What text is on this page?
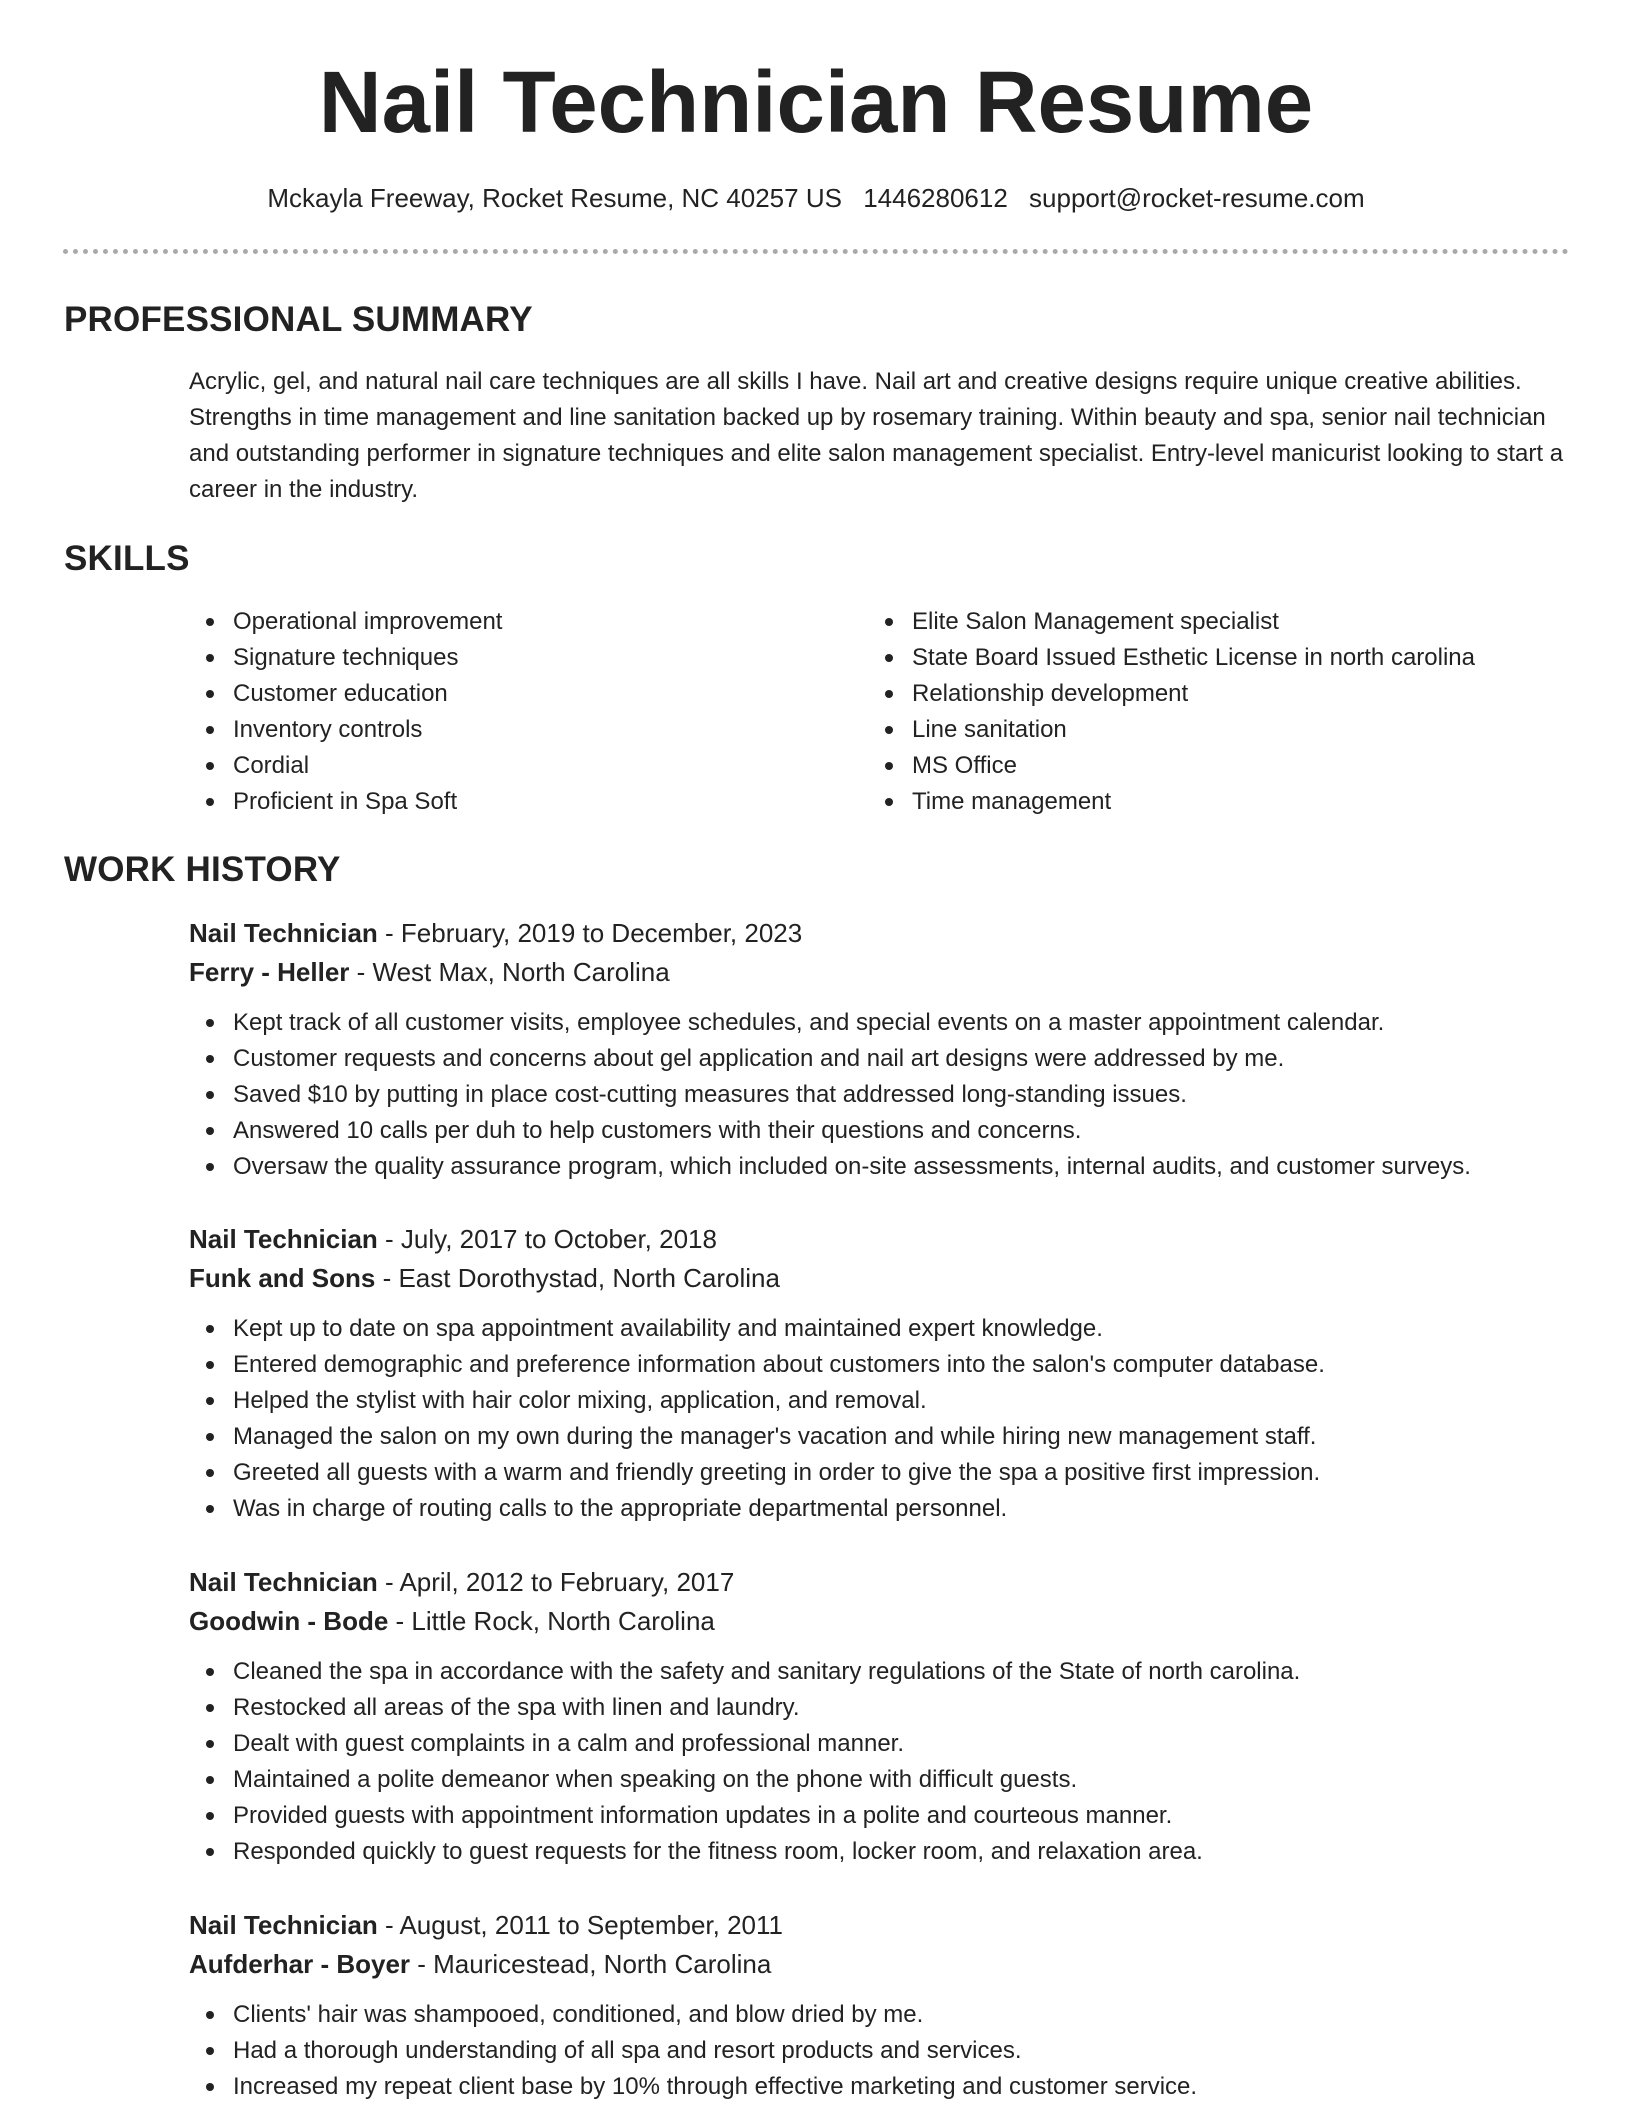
Nail Technician Resume
Mckayla Freeway, Rocket Resume, NC 40257 US 1446280612 support@rocket-resume.com
PROFESSIONAL SUMMARY

Acrylic, gel, and natural nail care techniques are all skills I have. Nail art and creative designs require unique creative abilities. Strengths in time management and line sanitation backed up by rosemary training. Within beauty and spa, senior nail technician and outstanding performer in signature techniques and elite salon management specialist. Entry-level manicurist looking to start a career in the industry.

SKILLS
Operational improvement
Signature techniques
Customer education
Inventory controls
Cordial
Proficient in Spa Soft
Elite Salon Management specialist
State Board Issued Esthetic License in north carolina
Relationship development
Line sanitation
MS Office
Time management
WORK HISTORY
Nail Technician - February, 2019 to December, 2023
Ferry - Heller - West Max, North Carolina
Kept track of all customer visits, employee schedules, and special events on a master appointment calendar.
Customer requests and concerns about gel application and nail art designs were addressed by me.
Saved $10 by putting in place cost-cutting measures that addressed long-standing issues.
Answered 10 calls per duh to help customers with their questions and concerns.
Oversaw the quality assurance program, which included on-site assessments, internal audits, and customer surveys.
Nail Technician - July, 2017 to October, 2018
Funk and Sons - East Dorothystad, North Carolina
Kept up to date on spa appointment availability and maintained expert knowledge.
Entered demographic and preference information about customers into the salon's computer database.
Helped the stylist with hair color mixing, application, and removal.
Managed the salon on my own during the manager's vacation and while hiring new management staff.
Greeted all guests with a warm and friendly greeting in order to give the spa a positive first impression.
Was in charge of routing calls to the appropriate departmental personnel.
Nail Technician - April, 2012 to February, 2017
Goodwin - Bode - Little Rock, North Carolina
Cleaned the spa in accordance with the safety and sanitary regulations of the State of north carolina.
Restocked all areas of the spa with linen and laundry.
Dealt with guest complaints in a calm and professional manner.
Maintained a polite demeanor when speaking on the phone with difficult guests.
Provided guests with appointment information updates in a polite and courteous manner.
Responded quickly to guest requests for the fitness room, locker room, and relaxation area.
Nail Technician - August, 2011 to September, 2011
Aufderhar - Boyer - Mauricestead, North Carolina
Clients' hair was shampooed, conditioned, and blow dried by me.
Had a thorough understanding of all spa and resort products and services.
Increased my repeat client base by 10% through effective marketing and customer service.
